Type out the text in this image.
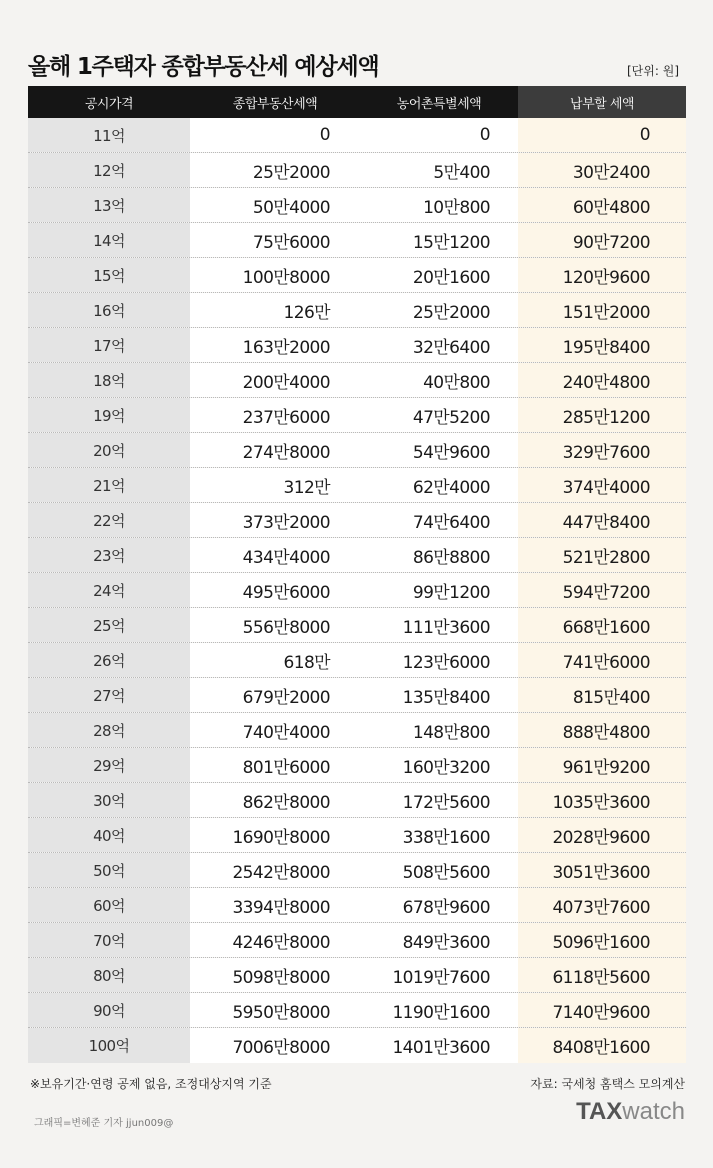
올해 1주택자 종합부동산세 예상세액	[단위: 원]
공시가격	종합부동산세액	농어촌특별세액	납부할 세액
11억	0	0	0
12억	25만2000	5만400	30만2400
13억	50만4000	10만800	60만4800
14억	75만6000	15만1200	90만7200
15억	100만8000	20만1600	120만9600
16억	126만	25만2000	151만2000
17억	163만2000	32만6400	195만8400
18억	200만4000	40만800	240만4800
19억	237만6000	47만5200	285만1200
20억	274만8000	54만9600	329만7600
21억	312만	62만4000	374만4000
22억	373만2000	74만6400	447만8400
23억	434만4000	86만8800	521만2800
24억	495만6000	99만1200	594만7200
25억	556만8000	111만3600	668만1600
26억	618만	123만6000	741만6000
27억	679만2000	135만8400	815만400
28억	740만4000	148만800	888만4800
29억	801만6000	160만3200	961만9200
30억	862만8000	172만5600	1035만3600
40억	1690만8000	338만1600	2028만9600
50억	2542만8000	508만5600	3051만3600
60억	3394만8000	678만9600	4073만7600
70억	4246만8000	849만3600	5096만1600
80억	5098만8000	1019만7600	6118만5600
90억	5950만8000	1190만1600	7140만9600
100억	7006만8000	1401만3600	8408만1600
※보유기간·연령 공제 없음, 조정대상지역 기준	자료: 국세청 홈택스 모의계산
그래픽=변혜준 기자 jjun009@	TAXwatch
